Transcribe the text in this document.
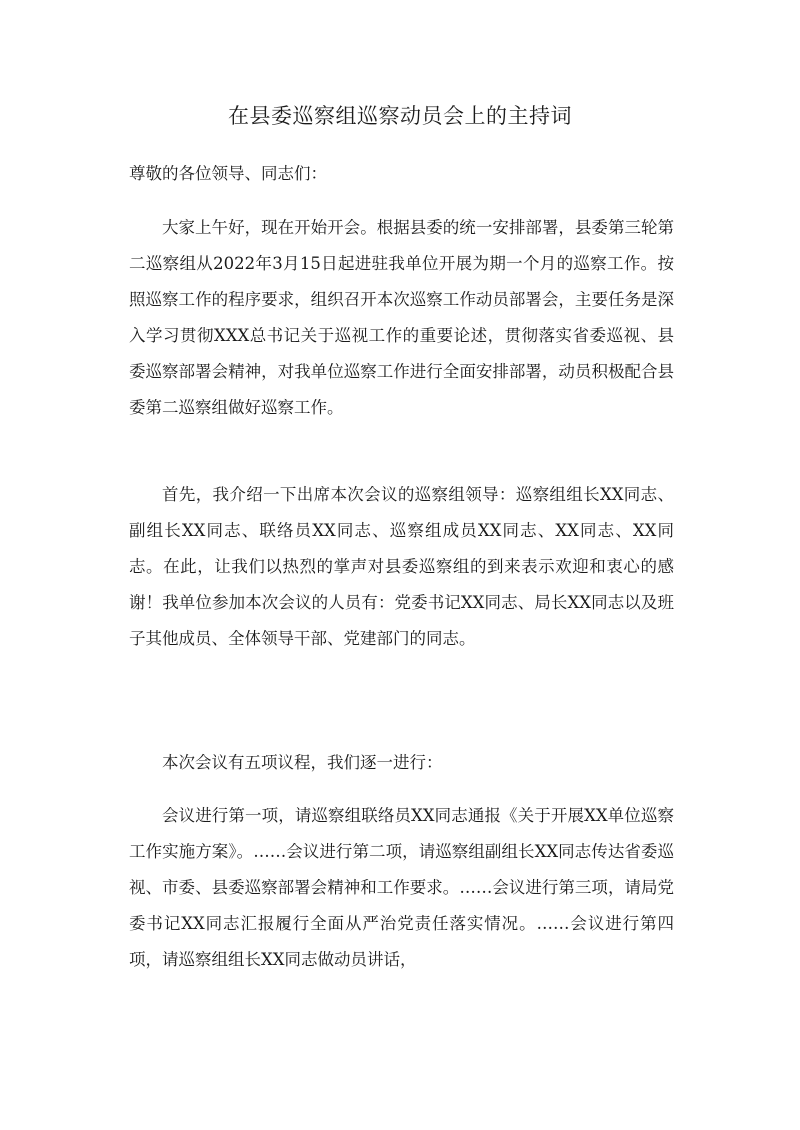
在县委巡察组巡察动员会上的主持词

尊敬的各位领导、同志们：

大家上午好，现在开始开会。根据县委的统一安排部署，县委第三轮第二巡察组从2022年3月15日起进驻我单位开展为期一个月的巡察工作。按照巡察工作的程序要求，组织召开本次巡察工作动员部署会，主要任务是深入学习贯彻XXX总书记关于巡视工作的重要论述，贯彻落实省委巡视、县委巡察部署会精神，对我单位巡察工作进行全面安排部署，动员积极配合县委第二巡察组做好巡察工作。

首先，我介绍一下出席本次会议的巡察组领导：巡察组组长XX同志、副组长XX同志、联络员XX同志、巡察组成员XX同志、XX同志、XX同志。在此，让我们以热烈的掌声对县委巡察组的到来表示欢迎和衷心的感谢！我单位参加本次会议的人员有：党委书记XX同志、局长XX同志以及班子其他成员、全体领导干部、党建部门的同志。

本次会议有五项议程，我们逐一进行：

会议进行第一项，请巡察组联络员XX同志通报《关于开展XX单位巡察工作实施方案》。……会议进行第二项，请巡察组副组长XX同志传达省委巡视、市委、县委巡察部署会精神和工作要求。……会议进行第三项，请局党委书记XX同志汇报履行全面从严治党责任落实情况。……会议进行第四项，请巡察组组长XX同志做动员讲话，
